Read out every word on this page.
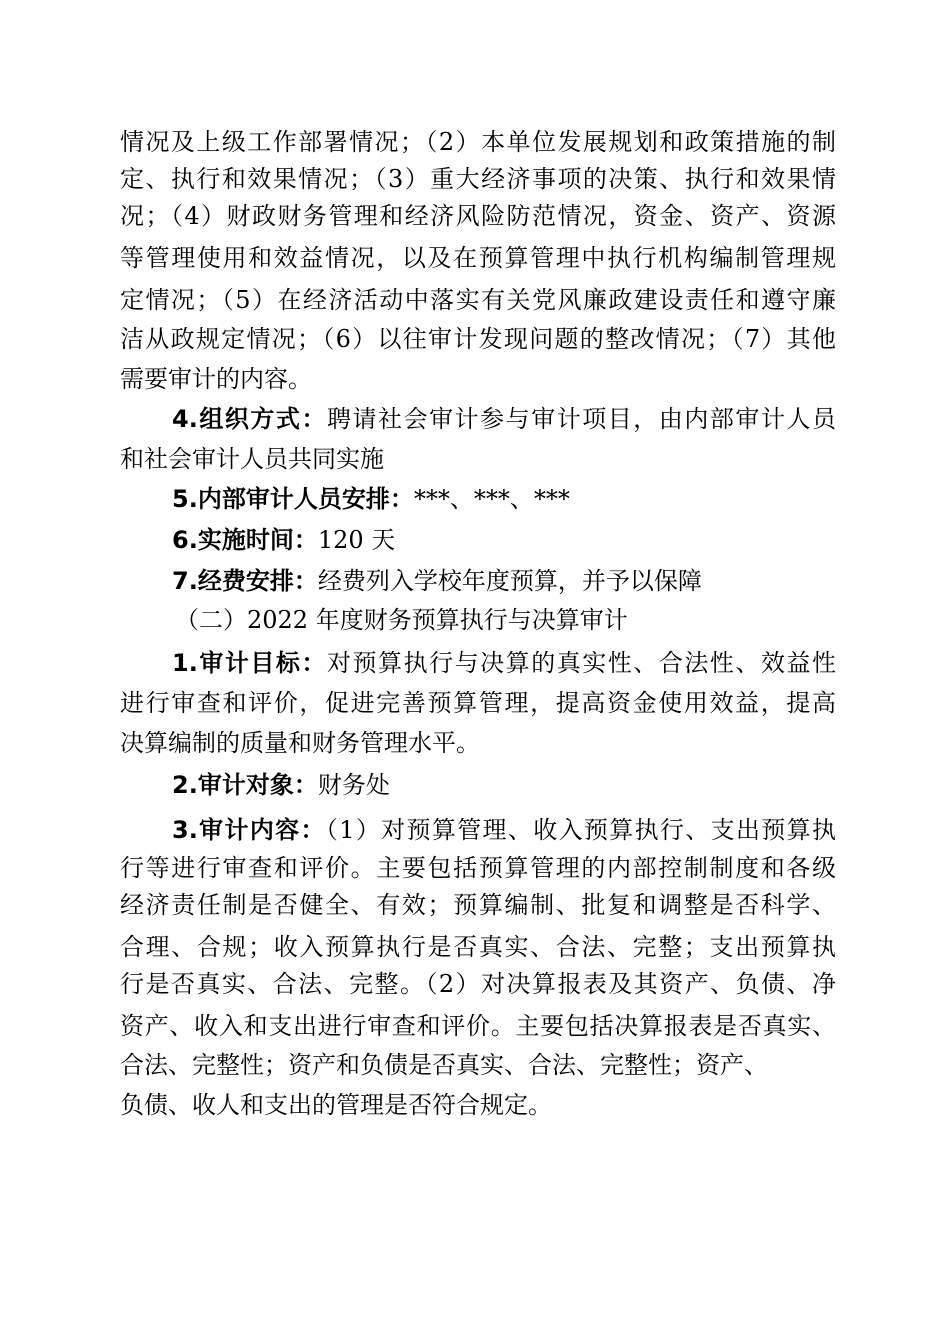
情况及上级工作部署情况；（2）本单位发展规划和政策措施的制
定、执行和效果情况；（3）重大经济事项的决策、执行和效果情
况；（4）财政财务管理和经济风险防范情况，资金、资产、资源
等管理使用和效益情况，以及在预算管理中执行机构编制管理规
定情况；（5）在经济活动中落实有关党风廉政建设责任和遵守廉
洁从政规定情况；（6）以往审计发现问题的整改情况；（7）其他
需要审计的内容。
4.组织方式：聘请社会审计参与审计项目，由内部审计人员
和社会审计人员共同实施
5.内部审计人员安排：***、***、***
6.实施时间：120 天
7.经费安排：经费列入学校年度预算，并予以保障
（二）2022 年度财务预算执行与决算审计
1.审计目标：对预算执行与决算的真实性、合法性、效益性
进行审查和评价，促进完善预算管理，提高资金使用效益，提高
决算编制的质量和财务管理水平。
2.审计对象：财务处
3.审计内容：（1）对预算管理、收入预算执行、支出预算执
行等进行审查和评价。主要包括预算管理的内部控制制度和各级
经济责任制是否健全、有效；预算编制、批复和调整是否科学、
合理、合规；收入预算执行是否真实、合法、完整；支出预算执
行是否真实、合法、完整。（2）对决算报表及其资产、负债、净
资产、收入和支出进行审查和评价。主要包括决算报表是否真实、
合法、完整性；资产和负债是否真实、合法、完整性；资产、
负债、收人和支出的管理是否符合规定。
